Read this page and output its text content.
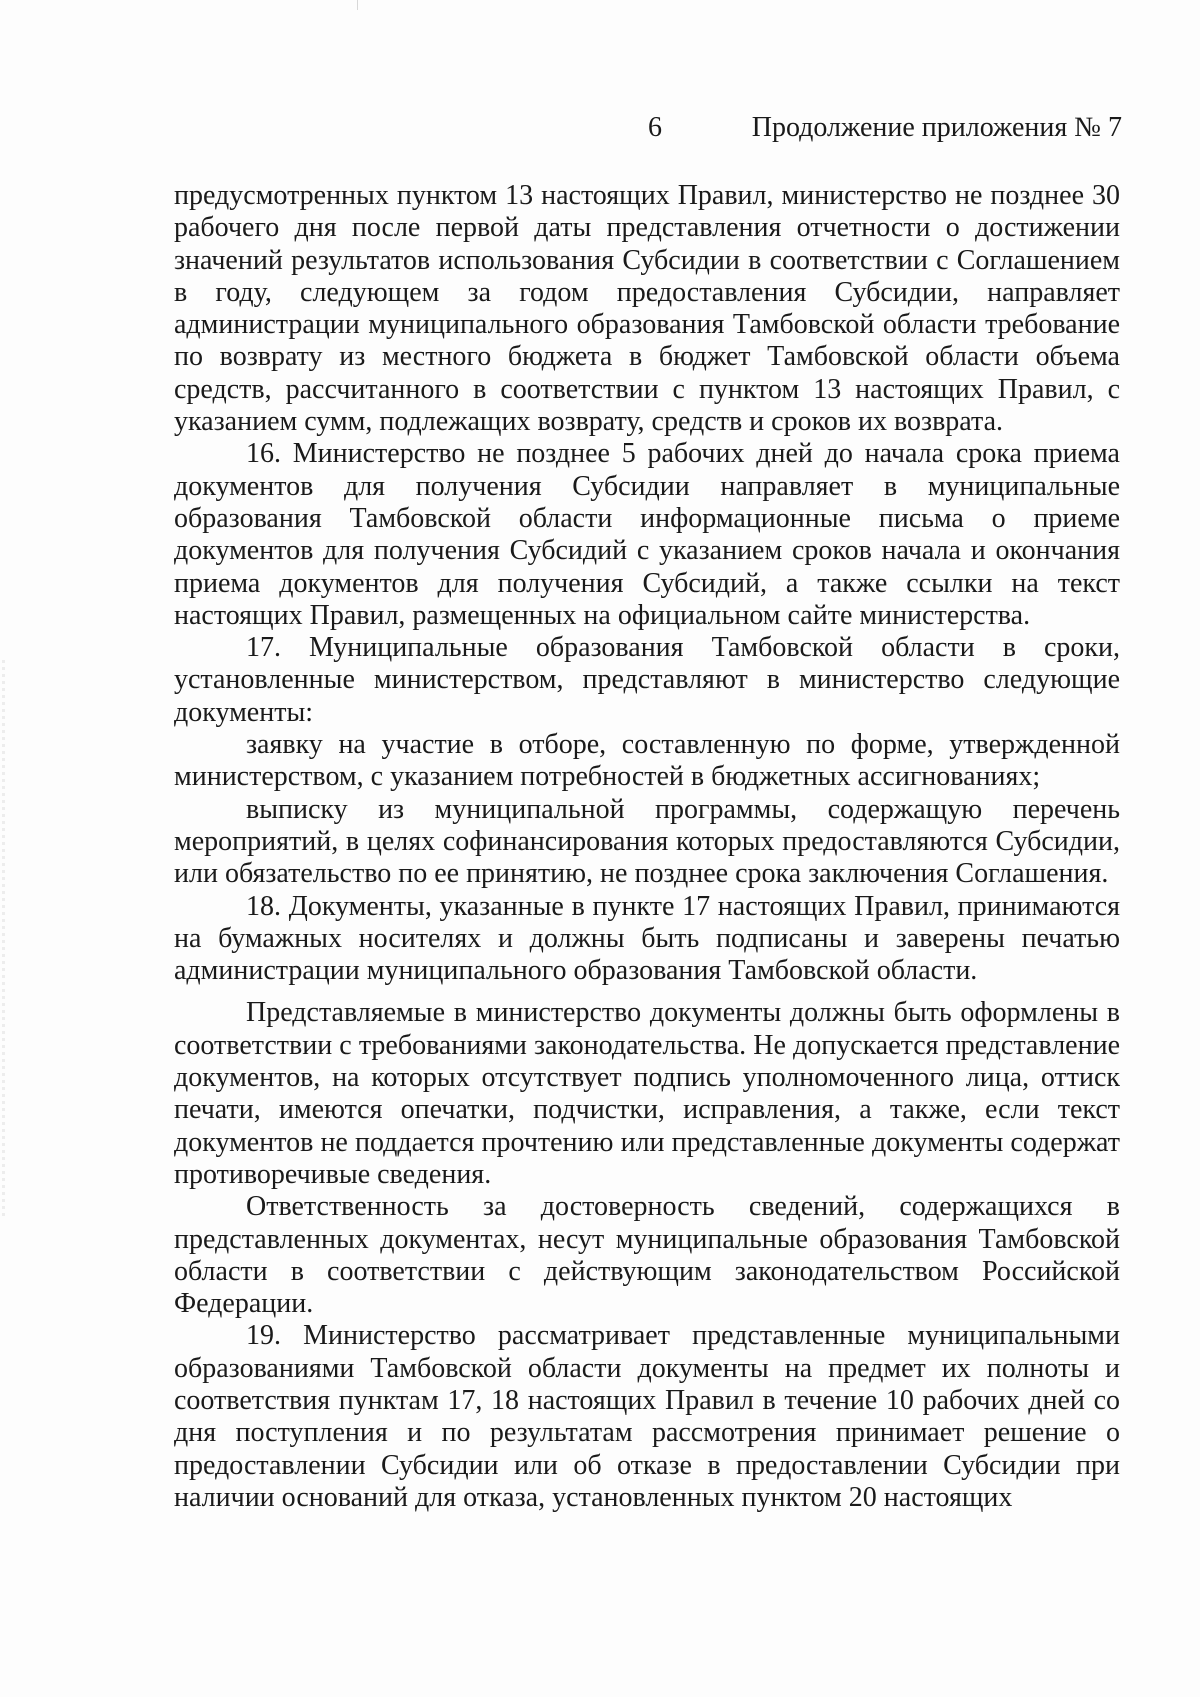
6	Продолжение приложения № 7

предусмотренных пунктом 13 настоящих Правил, министерство не позднее 30 рабочего дня после первой даты представления отчетности о достижении значений результатов использования Субсидии в соответствии с Соглашением в году, следующем за годом предоставления Субсидии, направляет администрации муниципального образования Тамбовской области требование по возврату из местного бюджета в бюджет Тамбовской области объема средств, рассчитанного в соответствии с пунктом 13 настоящих Правил, с указанием сумм, подлежащих возврату, средств и сроков их возврата.

16. Министерство не позднее 5 рабочих дней до начала срока приема документов для получения Субсидии направляет в муниципальные образования Тамбовской области информационные письма о приеме документов для получения Субсидий с указанием сроков начала и окончания приема документов для получения Субсидий, а также ссылки на текст настоящих Правил, размещенных на официальном сайте министерства.

17. Муниципальные образования Тамбовской области в сроки, установленные министерством, представляют в министерство следующие документы:

заявку на участие в отборе, составленную по форме, утвержденной министерством, с указанием потребностей в бюджетных ассигнованиях;

выписку из муниципальной программы, содержащую перечень мероприятий, в целях софинансирования которых предоставляются Субсидии, или обязательство по ее принятию, не позднее срока заключения Соглашения.

18. Документы, указанные в пункте 17 настоящих Правил, принимаются на бумажных носителях и должны быть подписаны и заверены печатью администрации муниципального образования Тамбовской области.

Представляемые в министерство документы должны быть оформлены в соответствии с требованиями законодательства. Не допускается представление документов, на которых отсутствует подпись уполномоченного лица, оттиск печати, имеются опечатки, подчистки, исправления, а также, если текст документов не поддается прочтению или представленные документы содержат противоречивые сведения.

Ответственность за достоверность сведений, содержащихся в представленных документах, несут муниципальные образования Тамбовской области в соответствии с действующим законодательством Российской Федерации.

19. Министерство рассматривает представленные муниципальными образованиями Тамбовской области документы на предмет их полноты и соответствия пунктам 17, 18 настоящих Правил в течение 10 рабочих дней со дня поступления и по результатам рассмотрения принимает решение о предоставлении Субсидии или об отказе в предоставлении Субсидии при наличии оснований для отказа, установленных пунктом 20 настоящих
